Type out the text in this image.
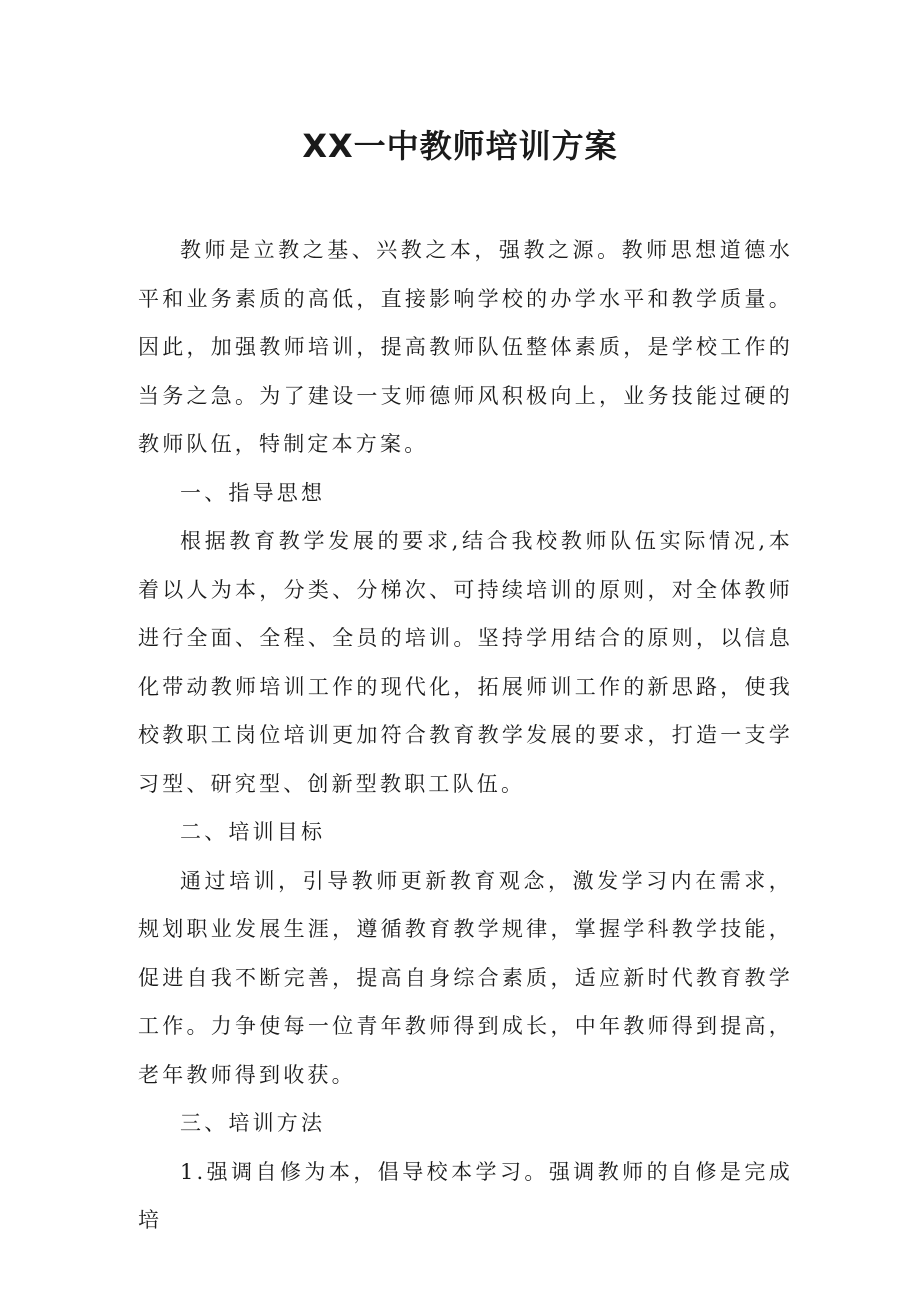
XX一中教师培训方案

教师是立教之基、兴教之本，强教之源。教师思想道德水平和业务素质的高低，直接影响学校的办学水平和教学质量。因此，加强教师培训，提高教师队伍整体素质，是学校工作的当务之急。为了建设一支师德师风积极向上，业务技能过硬的教师队伍，特制定本方案。

一、指导思想

根据教育教学发展的要求,结合我校教师队伍实际情况,本着以人为本，分类、分梯次、可持续培训的原则，对全体教师进行全面、全程、全员的培训。坚持学用结合的原则，以信息化带动教师培训工作的现代化，拓展师训工作的新思路，使我校教职工岗位培训更加符合教育教学发展的要求，打造一支学习型、研究型、创新型教职工队伍。

二、培训目标

通过培训，引导教师更新教育观念，激发学习内在需求，规划职业发展生涯，遵循教育教学规律，掌握学科教学技能，促进自我不断完善，提高自身综合素质，适应新时代教育教学工作。力争使每一位青年教师得到成长，中年教师得到提高，老年教师得到收获。

三、培训方法

1.强调自修为本，倡导校本学习。强调教师的自修是完成培
